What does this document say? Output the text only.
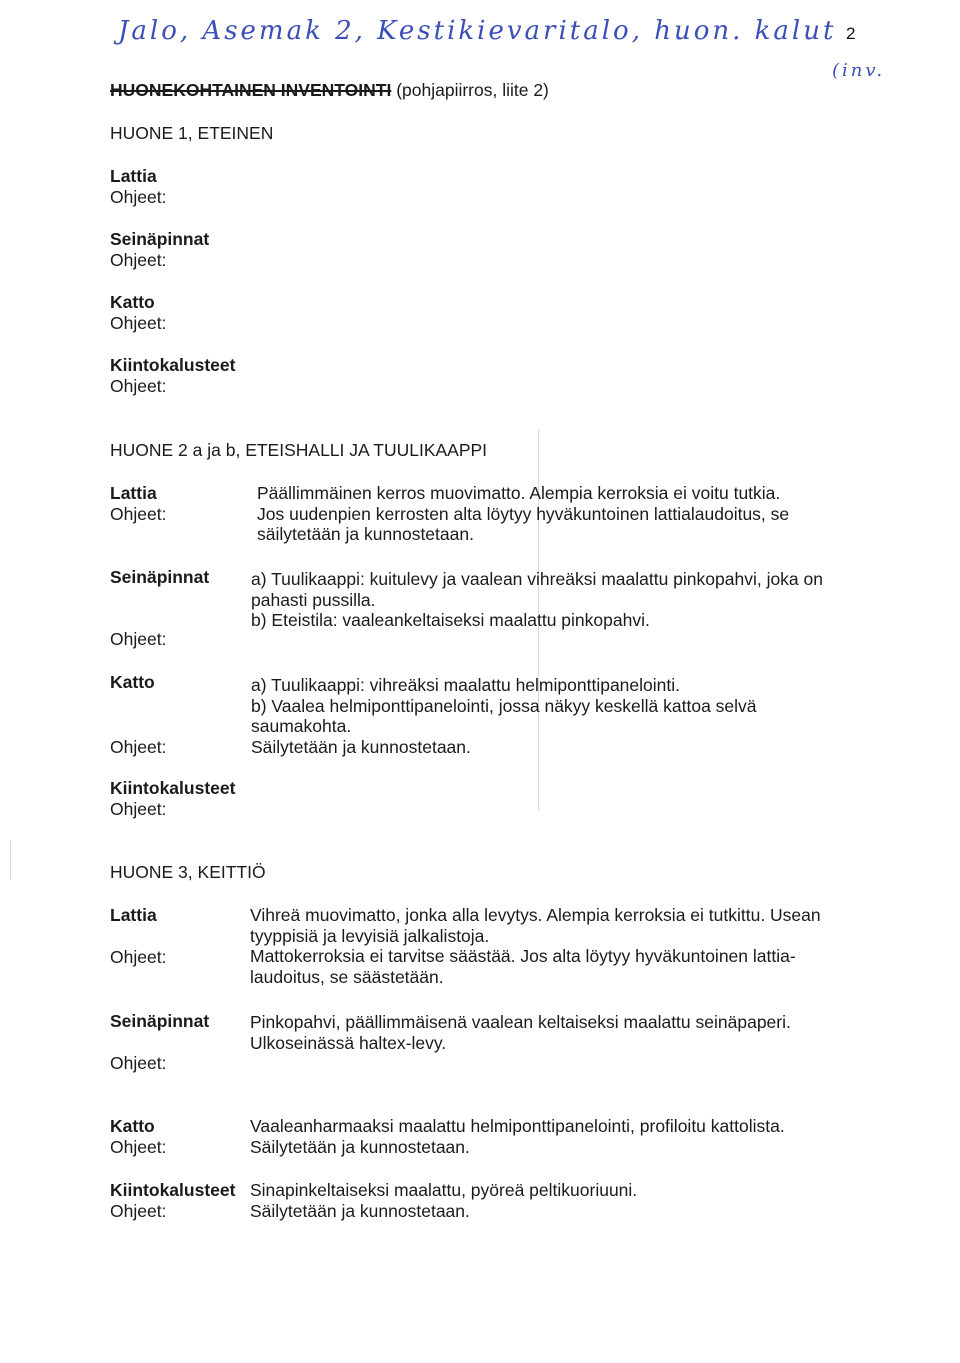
Jalo, Asemak 2, Kestikievaritalo, huon. kalut
(inv.
2
HUONEKOHTAINEN INVENTOINTI (pohjapiirros, liite 2)
HUONE 1, ETEINEN
Lattia
Ohjeet:
Seinäpinnat
Ohjeet:
Katto
Ohjeet:
Kiintokalusteet
Ohjeet:
HUONE 2 a ja b, ETEISHALLI JA TUULIKAAPPI
Lattia
Ohjeet:
Päällimmäinen kerros muovimatto. Alempia kerroksia ei voitu tutkia.
Jos uudenpien kerrosten alta löytyy hyväkuntoinen lattialaudoitus, se
säilytetään ja kunnostetaan.
Seinäpinnat
Ohjeet:
a) Tuulikaappi: kuitulevy ja vaalean vihreäksi maalattu pinkopahvi, joka on
pahasti pussilla.
b) Eteistila: vaaleankeltaiseksi maalattu pinkopahvi.
Katto
Ohjeet:
a) Tuulikaappi: vihreäksi maalattu helmiponttipanelointi.
b) Vaalea helmiponttipanelointi, jossa näkyy keskellä kattoa selvä
saumakohta.
Säilytetään ja kunnostetaan.
Kiintokalusteet
Ohjeet:
HUONE 3, KEITTIÖ
Lattia
Ohjeet:
Vihreä muovimatto, jonka alla levytys. Alempia kerroksia ei tutkittu. Usean
tyyppisiä ja levyisiä jalkalistoja.
Mattokerroksia ei tarvitse säästää. Jos alta löytyy hyväkuntoinen lattia-
laudoitus, se säästetään.
Seinäpinnat
Ohjeet:
Pinkopahvi, päällimmäisenä vaalean keltaiseksi maalattu seinäpaperi.
Ulkoseinässä haltex-levy.
Katto
Ohjeet:
Vaaleanharmaaksi maalattu helmiponttipanelointi, profiloitu kattolista.
Säilytetään ja kunnostetaan.
Kiintokalusteet
Ohjeet:
Sinapinkeltaiseksi maalattu, pyöreä peltikuoriuuni.
Säilytetään ja kunnostetaan.
